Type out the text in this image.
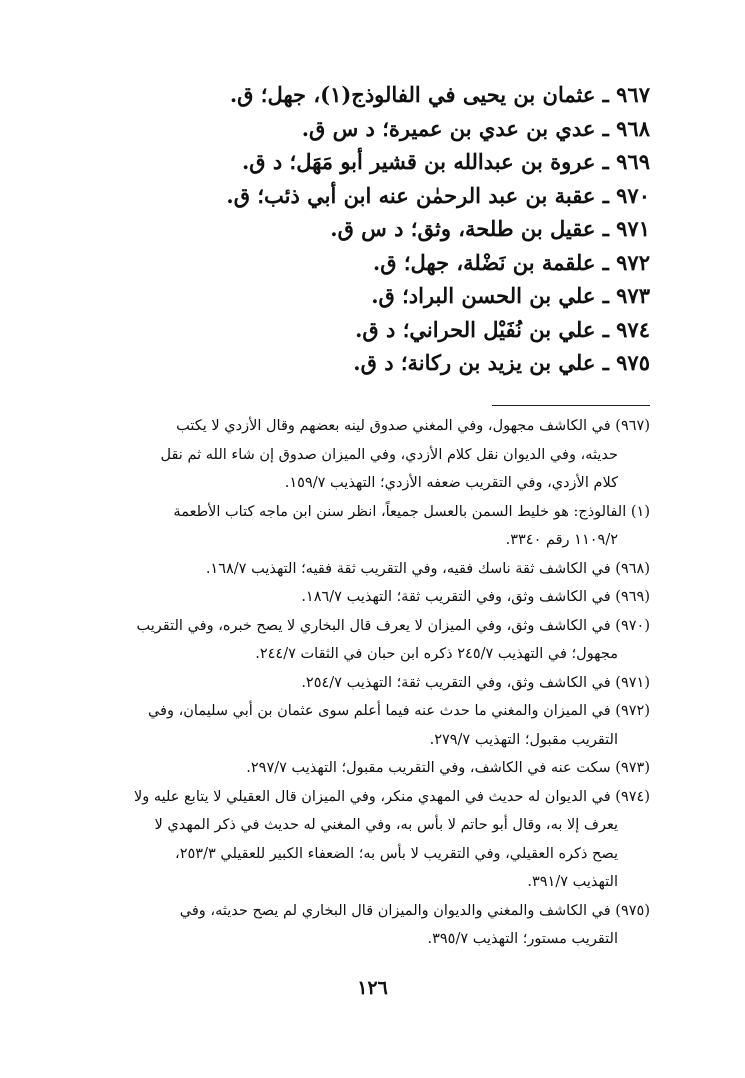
٩٦٧ ـ عثمان بن يحيى في الفالوذج(١)، جهل؛ ق.
٩٦٨ ـ عدي بن عدي بن عميرة؛ د س ق.
٩٦٩ ـ عروة بن عبدالله بن قشير أبو مَهَل؛ د ق.
٩٧٠ ـ عقبة بن عبد الرحمٰن عنه ابن أبي ذئب؛ ق.
٩٧١ ـ عقيل بن طلحة، وثق؛ د س ق.
٩٧٢ ـ علقمة بن نَضْلة، جهل؛ ق.
٩٧٣ ـ علي بن الحسن البراد؛ ق.
٩٧٤ ـ علي بن نُفَيْل الحراني؛ د ق.
٩٧٥ ـ علي بن يزيد بن ركانة؛ د ق.
(٩٦٧) في الكاشف مجهول، وفي المغني صدوق لينه بعضهم وقال الأزدي لا يكتب
حديثه، وفي الديوان نقل كلام الأزدي، وفي الميزان صدوق إن شاء الله ثم نقل
كلام الأزدي، وفي التقريب ضعفه الأزدي؛ التهذيب ١٥٩/٧.
(١) الفالوذج: هو خليط السمن بالعسل جميعاً، انظر سنن ابن ماجه كتاب الأطعمة
١١٠٩/٢ رقم ٣٣٤٠.
(٩٦٨) في الكاشف ثقة ناسك فقيه، وفي التقريب ثقة فقيه؛ التهذيب ١٦٨/٧.
(٩٦٩) في الكاشف وثق، وفي التقريب ثقة؛ التهذيب ١٨٦/٧.
(٩٧٠) في الكاشف وثق، وفي الميزان لا يعرف قال البخاري لا يصح خبره، وفي التقريب
مجهول؛ في التهذيب ٢٤٥/٧ ذكره ابن حبان في الثقات ٢٤٤/٧.
(٩٧١) في الكاشف وثق، وفي التقريب ثقة؛ التهذيب ٢٥٤/٧.
(٩٧٢) في الميزان والمغني ما حدث عنه فيما أعلم سوى عثمان بن أبي سليمان، وفي
التقريب مقبول؛ التهذيب ٢٧٩/٧.
(٩٧٣) سكت عنه في الكاشف، وفي التقريب مقبول؛ التهذيب ٢٩٧/٧.
(٩٧٤) في الديوان له حديث في المهدي منكر، وفي الميزان قال العقيلي لا يتابع عليه ولا
يعرف إلا به، وقال أبو حاتم لا بأس به، وفي المغني له حديث في ذكر المهدي لا
يصح ذكره العقيلي، وفي التقريب لا بأس به؛ الضعفاء الكبير للعقيلي ٢٥٣/٣،
التهذيب ٣٩١/٧.
(٩٧٥) في الكاشف والمغني والديوان والميزان قال البخاري لم يصح حديثه، وفي
التقريب مستور؛ التهذيب ٣٩٥/٧.
١٢٦
